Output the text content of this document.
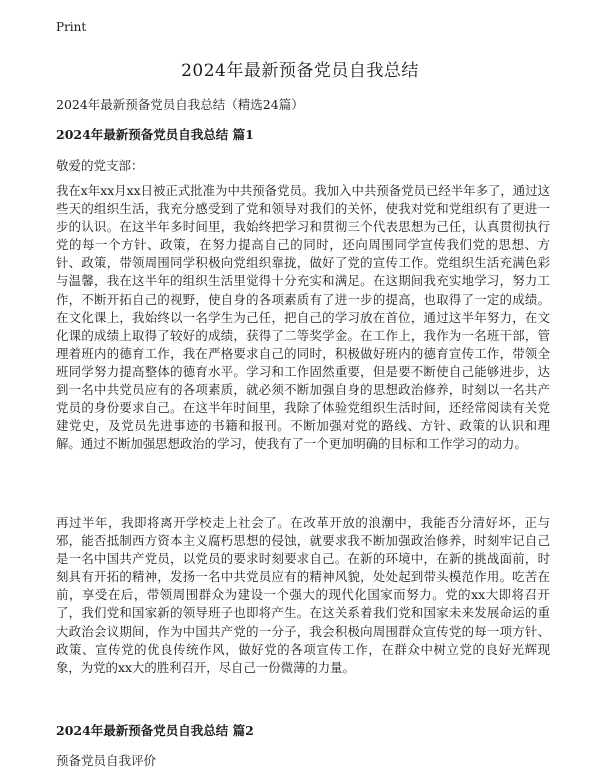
Print
2024年最新预备党员自我总结
2024年最新预备党员自我总结（精选24篇）
2024年最新预备党员自我总结 篇1
敬爱的党支部：

我在x年xx月xx日被正式批准为中共预备党员。我加入中共预备党员已经半年多了，通过这些天的组织生活，我充分感受到了党和领导对我们的关怀，使我对党和党组织有了更进一步的认识。在这半年多时间里，我始终把学习和贯彻三个代表思想为己任，认真贯彻执行党的每一个方针、政策，在努力提高自己的同时，还向周围同学宣传我们党的思想、方针、政策，带领周围同学积极向党组织靠拢，做好了党的宣传工作。党组织生活充满色彩与温馨，我在这半年的组织生活里觉得十分充实和满足。在这期间我充实地学习，努力工作，不断开拓自己的视野，使自身的各项素质有了进一步的提高，也取得了一定的成绩。在文化课上，我始终以一名学生为己任，把自己的学习放在首位，通过这半年努力，在文化课的成绩上取得了较好的成绩，获得了二等奖学金。在工作上，我作为一名班干部，管理着班内的德育工作，我在严格要求自己的同时，积极做好班内的德育宣传工作，带领全班同学努力提高整体的德育水平。学习和工作固然重要，但是要不断使自己能够进步，达到一名中共党员应有的各项素质，就必须不断加强自身的思想政治修养，时刻以一名共产党员的身份要求自己。在这半年时间里，我除了体验党组织生活时间，还经常阅读有关党建党史，及党员先进事迹的书籍和报刊。不断加强对党的路线、方针、政策的认识和理解。通过不断加强思想政治的学习，使我有了一个更加明确的目标和工作学习的动力。

再过半年，我即将离开学校走上社会了。在改革开放的浪潮中，我能否分清好坏，正与邪，能否抵制西方资本主义腐朽思想的侵蚀，就要求我不断加强政治修养，时刻牢记自己是一名中国共产党员，以党员的要求时刻要求自己。在新的环境中，在新的挑战面前，时刻具有开拓的精神，发扬一名中共党员应有的精神风貌，处处起到带头模范作用。吃苦在前，享受在后，带领周围群众为建设一个强大的现代化国家而努力。党的xx大即将召开了，我们党和国家新的领导班子也即将产生。在这关系着我们党和国家未来发展命运的重大政治会议期间，作为中国共产党的一分子，我会积极向周围群众宣传党的每一项方针、政策、宣传党的优良传统作风，做好党的各项宣传工作，在群众中树立党的良好光辉现象，为党的xx大的胜利召开，尽自己一份微薄的力量。

2024年最新预备党员自我总结 篇2
预备党员自我评价
